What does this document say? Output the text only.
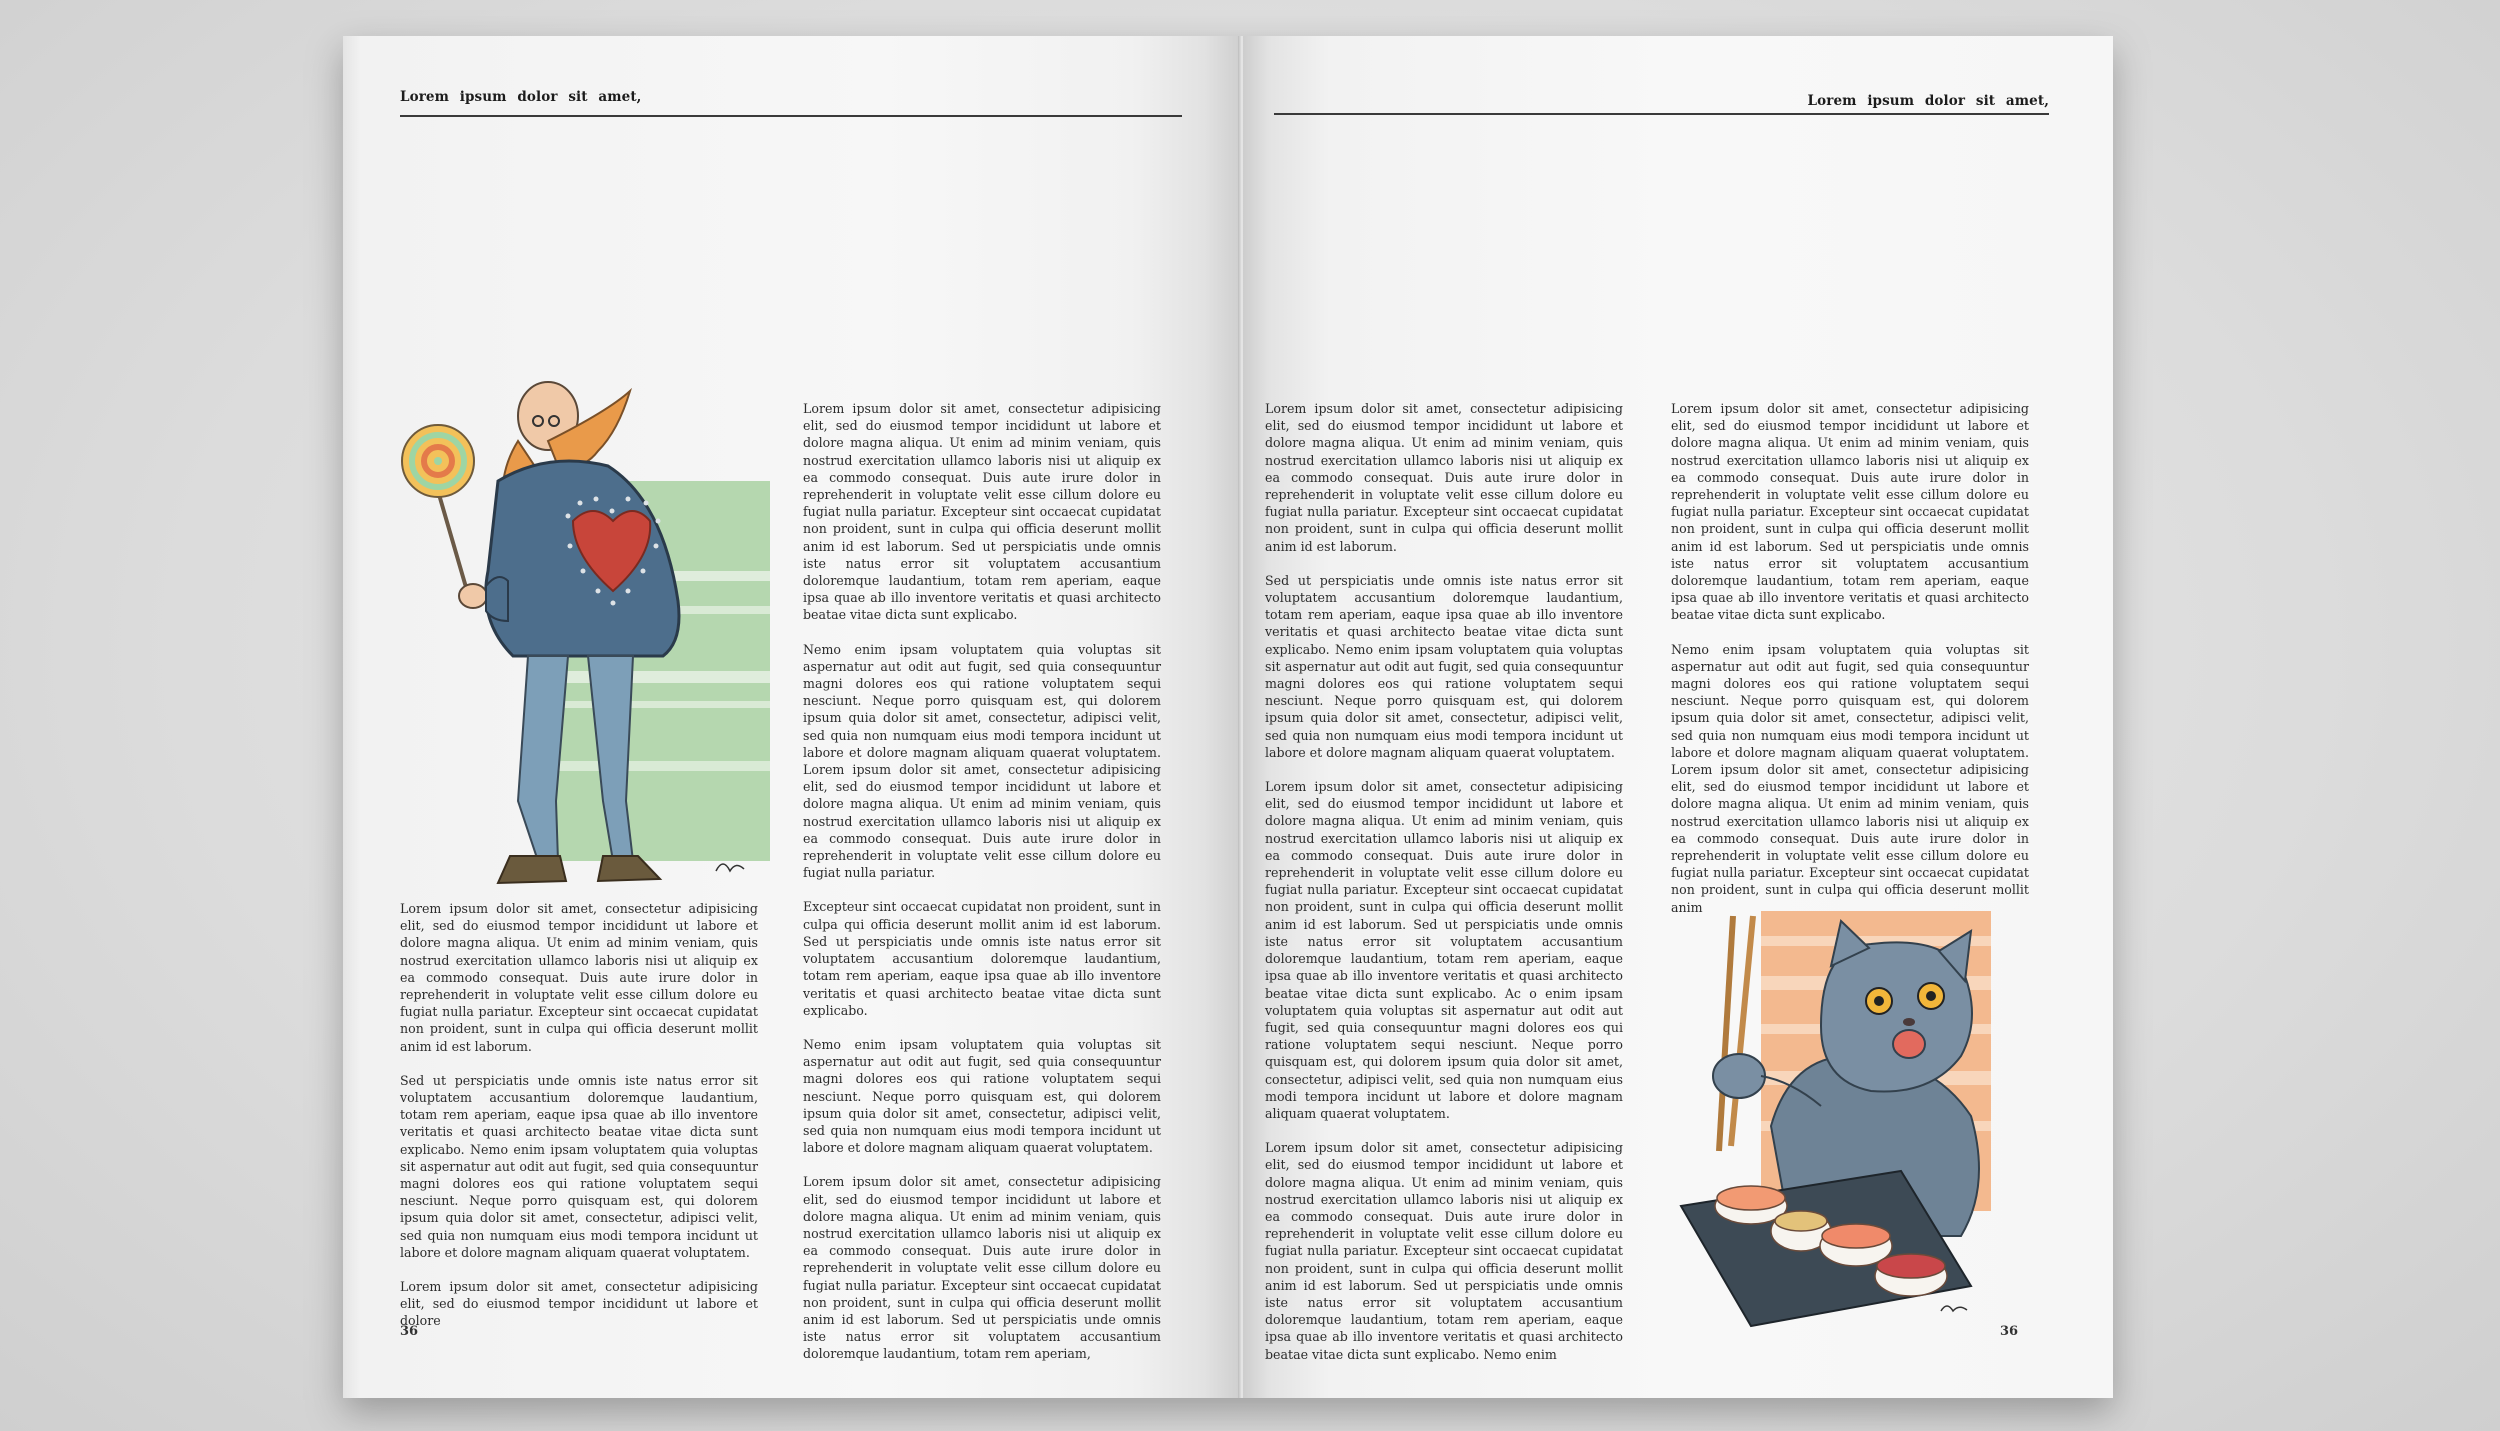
Lorem ipsum dolor sit amet,

Lorem ipsum dolor sit amet, consectetur adipisicing elit, sed do eiusmod tempor incididunt ut labore et dolore magna aliqua. Ut enim ad minim veniam, quis nostrud exercitation ullamco laboris nisi ut aliquip ex ea commodo consequat. Duis aute irure dolor in reprehenderit in voluptate velit esse cillum dolore eu fugiat nulla pariatur. Excepteur sint occaecat cupidatat non proident, sunt in culpa qui officia deserunt mollit anim id est laborum.

Sed ut perspiciatis unde omnis iste natus error sit voluptatem accusantium doloremque laudantium, totam rem aperiam, eaque ipsa quae ab illo inventore veritatis et quasi architecto beatae vitae dicta sunt explicabo. Nemo enim ipsam voluptatem quia voluptas sit aspernatur aut odit aut fugit, sed quia consequuntur magni dolores eos qui ratione voluptatem sequi nesciunt. Neque porro quisquam est, qui dolorem ipsum quia dolor sit amet, consectetur, adipisci velit, sed quia non numquam eius modi tempora incidunt ut labore et dolore magnam aliquam quaerat voluptatem.

Lorem ipsum dolor sit amet, consectetur adipisicing elit, sed do eiusmod tempor incididunt ut labore et dolore

Lorem ipsum dolor sit amet, consectetur adipisicing elit, sed do eiusmod tempor incididunt ut labore et dolore magna aliqua. Ut enim ad minim veniam, quis nostrud exercitation ullamco laboris nisi ut aliquip ex ea commodo consequat. Duis aute irure dolor in reprehenderit in voluptate velit esse cillum dolore eu fugiat nulla pariatur. Excepteur sint occaecat cupidatat non proident, sunt in culpa qui officia deserunt mollit anim id est laborum. Sed ut perspiciatis unde omnis iste natus error sit voluptatem accusantium doloremque laudantium, totam rem aperiam, eaque ipsa quae ab illo inventore veritatis et quasi architecto beatae vitae dicta sunt explicabo.

Nemo enim ipsam voluptatem quia voluptas sit aspernatur aut odit aut fugit, sed quia consequuntur magni dolores eos qui ratione voluptatem sequi nesciunt. Neque porro quisquam est, qui dolorem ipsum quia dolor sit amet, consectetur, adipisci velit, sed quia non numquam eius modi tempora incidunt ut labore et dolore magnam aliquam quaerat voluptatem. Lorem ipsum dolor sit amet, consectetur adipisicing elit, sed do eiusmod tempor incididunt ut labore et dolore magna aliqua. Ut enim ad minim veniam, quis nostrud exercitation ullamco laboris nisi ut aliquip ex ea commodo consequat. Duis aute irure dolor in reprehenderit in voluptate velit esse cillum dolore eu fugiat nulla pariatur.

Excepteur sint occaecat cupidatat non proident, sunt in culpa qui officia deserunt mollit anim id est laborum. Sed ut perspiciatis unde omnis iste natus error sit voluptatem accusantium doloremque laudantium, totam rem aperiam, eaque ipsa quae ab illo inventore veritatis et quasi architecto beatae vitae dicta sunt explicabo.

Nemo enim ipsam voluptatem quia voluptas sit aspernatur aut odit aut fugit, sed quia consequuntur magni dolores eos qui ratione voluptatem sequi nesciunt. Neque porro quisquam est, qui dolorem ipsum quia dolor sit amet, consectetur, adipisci velit, sed quia non numquam eius modi tempora incidunt ut labore et dolore magnam aliquam quaerat voluptatem.

Lorem ipsum dolor sit amet, consectetur adipisicing elit, sed do eiusmod tempor incididunt ut labore et dolore magna aliqua. Ut enim ad minim veniam, quis nostrud exercitation ullamco laboris nisi ut aliquip ex ea commodo consequat. Duis aute irure dolor in reprehenderit in voluptate velit esse cillum dolore eu fugiat nulla pariatur. Excepteur sint occaecat cupidatat non proident, sunt in culpa qui officia deserunt mollit anim id est laborum. Sed ut perspiciatis unde omnis iste natus error sit voluptatem accusantium doloremque laudantium, totam rem aperiam,

36
Lorem ipsum dolor sit amet,

Lorem ipsum dolor sit amet, consectetur adipisicing elit, sed do eiusmod tempor incididunt ut labore et dolore magna aliqua. Ut enim ad minim veniam, quis nostrud exercitation ullamco laboris nisi ut aliquip ex ea commodo consequat. Duis aute irure dolor in reprehenderit in voluptate velit esse cillum dolore eu fugiat nulla pariatur. Excepteur sint occaecat cupidatat non proident, sunt in culpa qui officia deserunt mollit anim id est laborum.

Sed ut perspiciatis unde omnis iste natus error sit voluptatem accusantium doloremque laudantium, totam rem aperiam, eaque ipsa quae ab illo inventore veritatis et quasi architecto beatae vitae dicta sunt explicabo. Nemo enim ipsam voluptatem quia voluptas sit aspernatur aut odit aut fugit, sed quia consequuntur magni dolores eos qui ratione voluptatem sequi nesciunt. Neque porro quisquam est, qui dolorem ipsum quia dolor sit amet, consectetur, adipisci velit, sed quia non numquam eius modi tempora incidunt ut labore et dolore magnam aliquam quaerat voluptatem.

Lorem ipsum dolor sit amet, consectetur adipisicing elit, sed do eiusmod tempor incididunt ut labore et dolore magna aliqua. Ut enim ad minim veniam, quis nostrud exercitation ullamco laboris nisi ut aliquip ex ea commodo consequat. Duis aute irure dolor in reprehenderit in voluptate velit esse cillum dolore eu fugiat nulla pariatur. Excepteur sint occaecat cupidatat non proident, sunt in culpa qui officia deserunt mollit anim id est laborum. Sed ut perspiciatis unde omnis iste natus error sit voluptatem accusantium doloremque laudantium, totam rem aperiam, eaque ipsa quae ab illo inventore veritatis et quasi architecto beatae vitae dicta sunt explicabo. Ac o enim ipsam voluptatem quia voluptas sit aspernatur aut odit aut fugit, sed quia consequuntur magni dolores eos qui ratione voluptatem sequi nesciunt. Neque porro quisquam est, qui dolorem ipsum quia dolor sit amet, consectetur, adipisci velit, sed quia non numquam eius modi tempora incidunt ut labore et dolore magnam aliquam quaerat voluptatem.

Lorem ipsum dolor sit amet, consectetur adipisicing elit, sed do eiusmod tempor incididunt ut labore et dolore magna aliqua. Ut enim ad minim veniam, quis nostrud exercitation ullamco laboris nisi ut aliquip ex ea commodo consequat. Duis aute irure dolor in reprehenderit in voluptate velit esse cillum dolore eu fugiat nulla pariatur. Excepteur sint occaecat cupidatat non proident, sunt in culpa qui officia deserunt mollit anim id est laborum. Sed ut perspiciatis unde omnis iste natus error sit voluptatem accusantium doloremque laudantium, totam rem aperiam, eaque ipsa quae ab illo inventore veritatis et quasi architecto beatae vitae dicta sunt explicabo. Nemo enim

Lorem ipsum dolor sit amet, consectetur adipisicing elit, sed do eiusmod tempor incididunt ut labore et dolore magna aliqua. Ut enim ad minim veniam, quis nostrud exercitation ullamco laboris nisi ut aliquip ex ea commodo consequat. Duis aute irure dolor in reprehenderit in voluptate velit esse cillum dolore eu fugiat nulla pariatur. Excepteur sint occaecat cupidatat non proident, sunt in culpa qui officia deserunt mollit anim id est laborum. Sed ut perspiciatis unde omnis iste natus error sit voluptatem accusantium doloremque laudantium, totam rem aperiam, eaque ipsa quae ab illo inventore veritatis et quasi architecto beatae vitae dicta sunt explicabo.

Nemo enim ipsam voluptatem quia voluptas sit aspernatur aut odit aut fugit, sed quia consequuntur magni dolores eos qui ratione voluptatem sequi nesciunt. Neque porro quisquam est, qui dolorem ipsum quia dolor sit amet, consectetur, adipisci velit, sed quia non numquam eius modi tempora incidunt ut labore et dolore magnam aliquam quaerat voluptatem. Lorem ipsum dolor sit amet, consectetur adipisicing elit, sed do eiusmod tempor incididunt ut labore et dolore magna aliqua. Ut enim ad minim veniam, quis nostrud exercitation ullamco laboris nisi ut aliquip ex ea commodo consequat. Duis aute irure dolor in reprehenderit in voluptate velit esse cillum dolore eu fugiat nulla pariatur. Excepteur sint occaecat cupidatat non proident, sunt in culpa qui officia deserunt mollit anim

36
